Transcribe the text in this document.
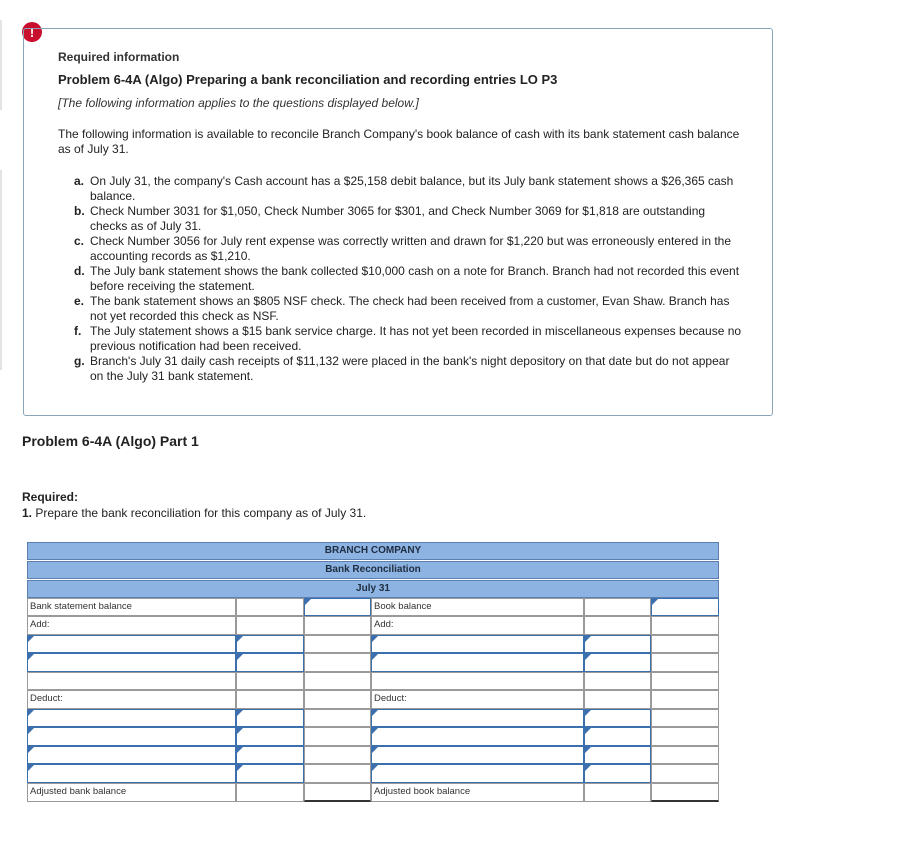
!
Required information
Problem 6-4A (Algo) Preparing a bank reconciliation and recording entries LO P3
[The following information applies to the questions displayed below.]
The following information is available to reconcile Branch Company's book balance of cash with its bank statement cash balance as of July 31.
a. On July 31, the company's Cash account has a $25,158 debit balance, but its July bank statement shows a $26,365 cash balance.
b. Check Number 3031 for $1,050, Check Number 3065 for $301, and Check Number 3069 for $1,818 are outstanding checks as of July 31.
c. Check Number 3056 for July rent expense was correctly written and drawn for $1,220 but was erroneously entered in the accounting records as $1,210.
d. The July bank statement shows the bank collected $10,000 cash on a note for Branch. Branch had not recorded this event before receiving the statement.
e. The bank statement shows an $805 NSF check. The check had been received from a customer, Evan Shaw. Branch has not yet recorded this check as NSF.
f. The July statement shows a $15 bank service charge. It has not yet been recorded in miscellaneous expenses because no previous notification had been received.
g. Branch's July 31 daily cash receipts of $11,132 were placed in the bank's night depository on that date but do not appear on the July 31 bank statement.
Problem 6-4A (Algo) Part 1
Required:
1. Prepare the bank reconciliation for this company as of July 31.
BRANCH COMPANY
Bank Reconciliation
July 31
Bank statement balance	Book balance
Add:	Add:
Deduct:	Deduct:
Adjusted bank balance	Adjusted book balance
